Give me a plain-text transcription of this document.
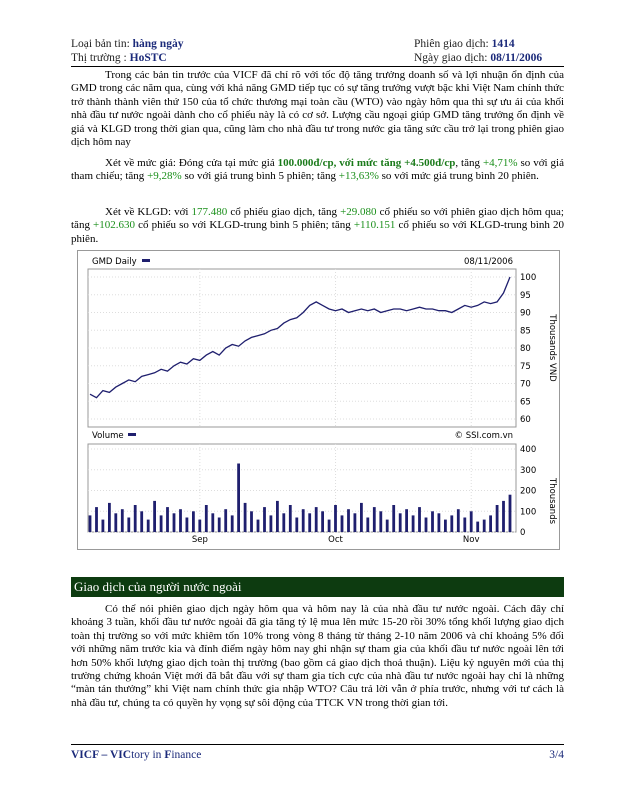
Loại bản tin: hàng ngày	Phiên giao dịch: 1414
Thị trường : HoSTC	Ngày giao dịch: 08/11/2006
Trong các bản tin trước của VICF đã chỉ rõ với tốc độ tăng trưởng doanh số và lợi nhuận ổn định của GMD trong các năm qua, cùng với khả năng GMD tiếp tục có sự tăng trưởng vượt bậc khi Việt Nam chính thức trở thành thành viên thứ 150 của tổ chức thương mại toàn cầu (WTO) vào ngày hôm qua thì sự ưu ái của khối nhà đầu tư nước ngoài dành cho cổ phiếu này là có cơ sở. Lượng cầu ngoại giúp GMD tăng trưởng ổn định về giá và KLGD trong thời gian qua, cũng làm cho nhà đầu tư trong nước gia tăng sức cầu trở lại trong phiên giao dịch hôm nay
Xét về mức giá: Đóng cửa tại mức giá 100.000đ/cp, với mức tăng +4.500đ/cp, tăng +4,71% so với giá tham chiếu; tăng +9,28% so với giá trung bình 5 phiên; tăng +13,63% so với mức giá trung bình 20 phiên.
Xét về KLGD: với 177.480 cổ phiếu giao dịch, tăng +29.080 cổ phiếu so với phiên giao dịch hôm qua; tăng +102.630 cổ phiếu so với KLGD-trung bình 5 phiên; tăng +110.151 cổ phiếu so với KLGD-trung bình 20 phiên.
GMD Daily	08/11/2006
100
95
90
85
80
75
70
65
60
Thousands VND
Volume	© SSI.com.vn
400
300
200
100
0
Thousands
Sep	Oct	Nov
Giao dịch của người nước ngoài
Có thể nói phiên giao dịch ngày hôm qua và hôm nay là của nhà đầu tư nước ngoài. Cách đây chỉ khoảng 3 tuần, khối đầu tư nước ngoài đã gia tăng tỷ lệ mua lên mức 15-20 rồi 30% tổng khối lượng giao dịch toàn thị trường so với mức khiêm tốn 10% trong vòng 8 tháng từ tháng 2-10 năm 2006 và chỉ khoảng 5% đối với những năm trước kia và đỉnh điểm ngày hôm nay ghi nhận sự tham gia của khối đầu tư nước ngoài lên tới hơn 50% khối lượng giao dịch toàn thị trường (bao gồm cả giao dịch thoả thuận). Liệu kỷ nguyên mới của thị trường chứng khoán Việt mới đã bắt đầu với sự tham gia tích cực của nhà đầu tư nước ngoài hay chỉ là những “màn tán thưởng” khi Việt nam chính thức gia nhập WTO? Câu trả lời vẫn ở phía trước, nhưng với tư cách là nhà đầu tư, chúng ta có quyền hy vọng sự sôi động của TTCK VN trong thời gian tới.
VICF – VICtory in Finance	3/4
